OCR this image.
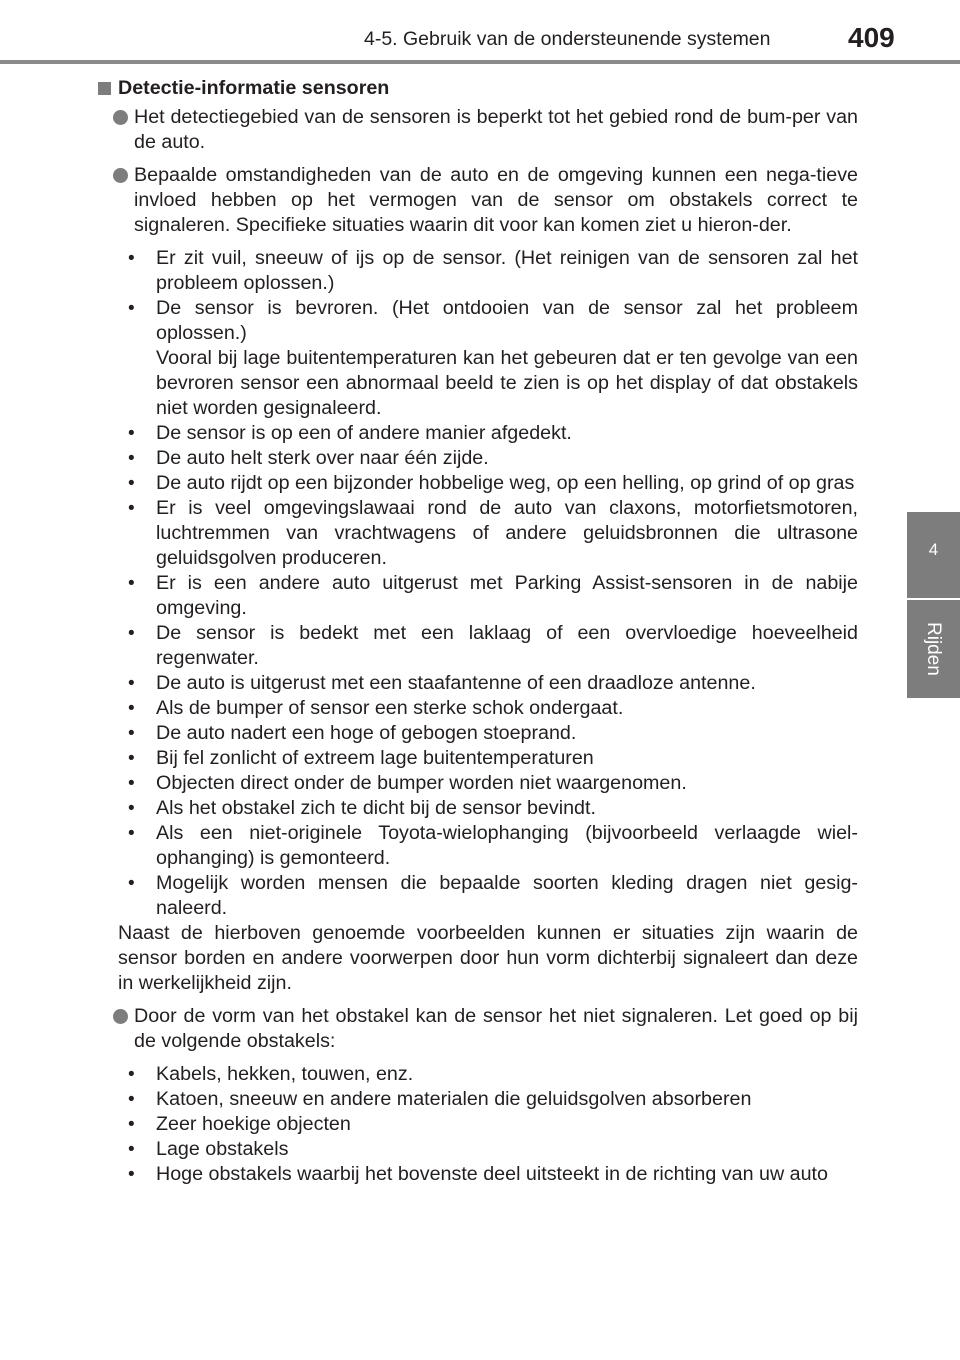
4-5. Gebruik van de ondersteunende systemen	409
4
Rijden
Detectie-informatie sensoren
Het detectiegebied van de sensoren is beperkt tot het gebied rond de bum-per van de auto.
Bepaalde omstandigheden van de auto en de omgeving kunnen een nega-tieve invloed hebben op het vermogen van de sensor om obstakels correct te signaleren. Specifieke situaties waarin dit voor kan komen ziet u hieron-der.
• Er zit vuil, sneeuw of ijs op de sensor. (Het reinigen van de sensoren zal het probleem oplossen.)
• De sensor is bevroren. (Het ontdooien van de sensor zal het probleem oplossen.)
Vooral bij lage buitentemperaturen kan het gebeuren dat er ten gevolge van een bevroren sensor een abnormaal beeld te zien is op het display of dat obstakels niet worden gesignaleerd.
• De sensor is op een of andere manier afgedekt.
• De auto helt sterk over naar één zijde.
• De auto rijdt op een bijzonder hobbelige weg, op een helling, op grind of op gras
• Er is veel omgevingslawaai rond de auto van claxons, motorfietsmotoren, luchtremmen van vrachtwagens of andere geluidsbronnen die ultrasone geluidsgolven produceren.
• Er is een andere auto uitgerust met Parking Assist-sensoren in de nabije omgeving.
• De sensor is bedekt met een laklaag of een overvloedige hoeveelheid regenwater.
• De auto is uitgerust met een staafantenne of een draadloze antenne.
• Als de bumper of sensor een sterke schok ondergaat.
• De auto nadert een hoge of gebogen stoeprand.
• Bij fel zonlicht of extreem lage buitentemperaturen
• Objecten direct onder de bumper worden niet waargenomen.
• Als het obstakel zich te dicht bij de sensor bevindt.
• Als een niet-originele Toyota-wielophanging (bijvoorbeeld verlaagde wiel-ophanging) is gemonteerd.
• Mogelijk worden mensen die bepaalde soorten kleding dragen niet gesig-naleerd.

Naast de hierboven genoemde voorbeelden kunnen er situaties zijn waarin de sensor borden en andere voorwerpen door hun vorm dichterbij signaleert dan deze in werkelijkheid zijn.

Door de vorm van het obstakel kan de sensor het niet signaleren. Let goed op bij de volgende obstakels:
• Kabels, hekken, touwen, enz.
• Katoen, sneeuw en andere materialen die geluidsgolven absorberen
• Zeer hoekige objecten
• Lage obstakels
• Hoge obstakels waarbij het bovenste deel uitsteekt in de richting van uw auto
